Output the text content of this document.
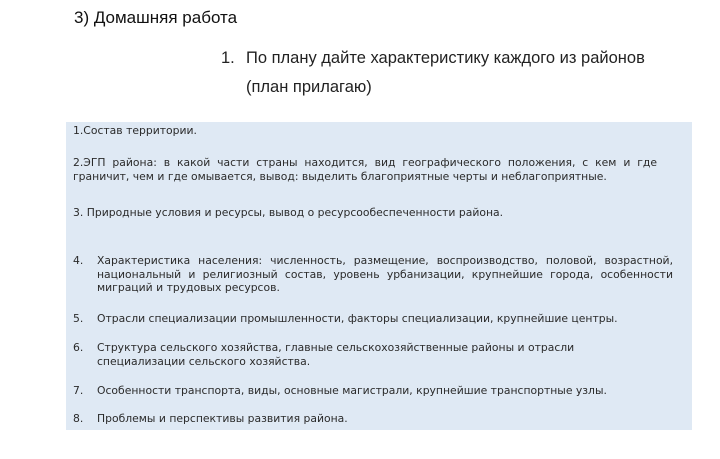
3) Домашняя работа
1. По плану дайте характеристику каждого из районов (план прилагаю)
1.Состав территории.
2.ЭГП района: в какой части страны находится, вид географического положения, с кем и где граничит, чем и где омывается, вывод: выделить благоприятные черты и неблагоприятные.
3. Природные условия и ресурсы, вывод о ресурсообеспеченности района.
4. Характеристика населения: численность, размещение, воспроизводство, половой, возрастной, национальный и религиозный состав, уровень урбанизации, крупнейшие города, особенности миграций и трудовых ресурсов.
5. Отрасли специализации промышленности, факторы специализации, крупнейшие центры.
6. Структура сельского хозяйства, главные сельскохозяйственные районы и отрасли специализации сельского хозяйства.
7. Особенности транспорта, виды, основные магистрали, крупнейшие транспортные узлы.
8. Проблемы и перспективы развития района.
